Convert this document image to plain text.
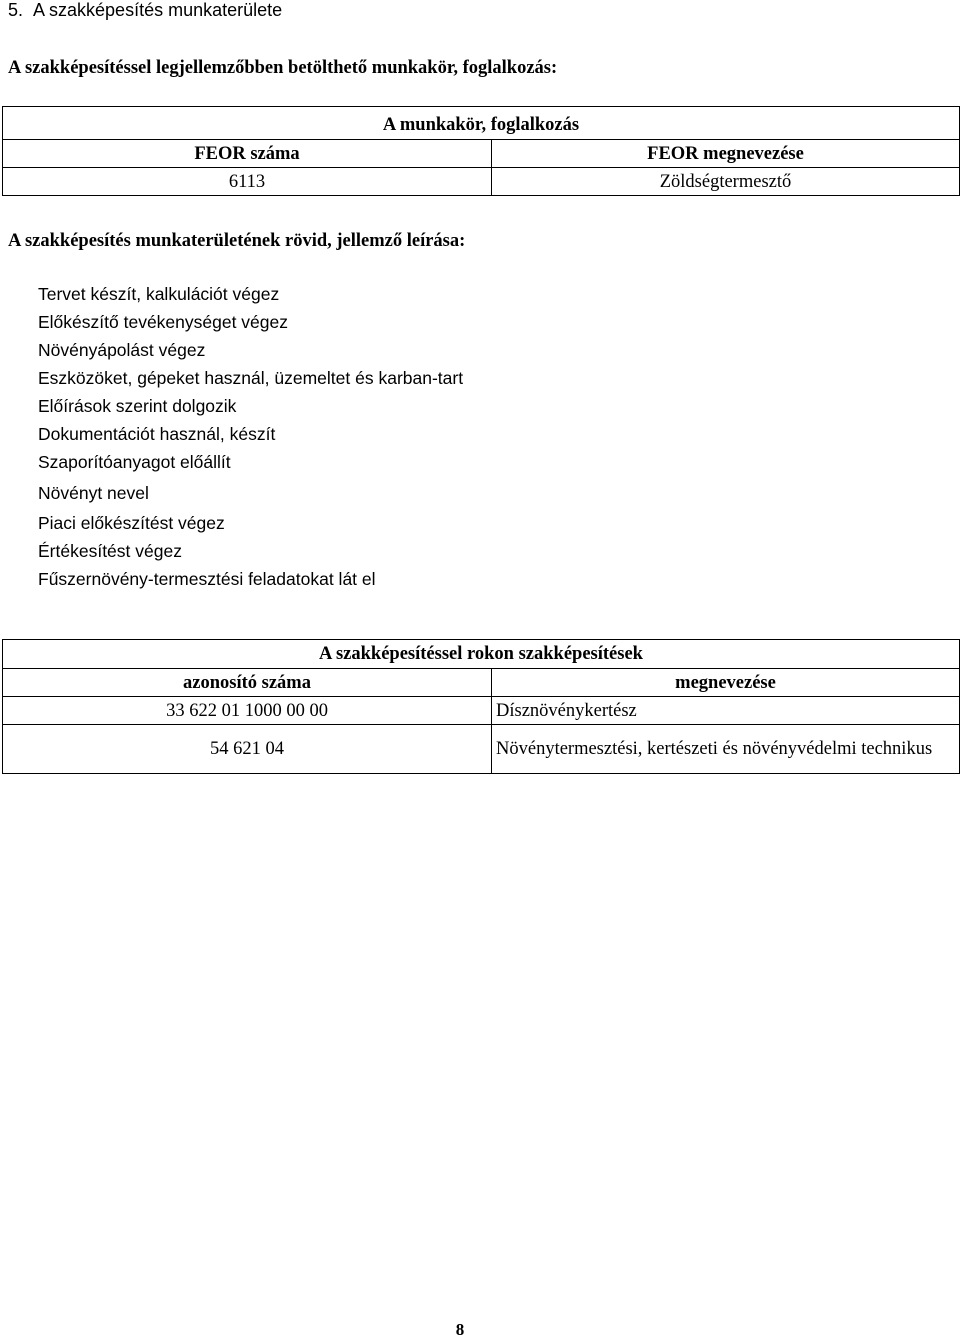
5. A szakképesítés munkaterülete
A szakképesítéssel legjellemzőbben betölthető munkakör, foglalkozás:
A munkakör, foglalkozás	
FEOR száma	FEOR megnevezése
6113	Zöldségtermesztő
A szakképesítés munkaterületének rövid, jellemző leírása:
Tervet készít, kalkulációt végez
Előkészítő tevékenységet végez
Növényápolást végez
Eszközöket, gépeket használ, üzemeltet és karban-tart
Előírások szerint dolgozik
Dokumentációt használ, készít
Szaporítóanyagot előállít
Növényt nevel
Piaci előkészítést végez
Értékesítést végez
Fűszernövény-termesztési feladatokat lát el
A szakképesítéssel rokon szakképesítések	
azonosító száma	megnevezése
33 622 01 1000 00 00	Dísznövénykertész
54 621 04	Növénytermesztési, kertészeti és növényvédelmi technikus
8
